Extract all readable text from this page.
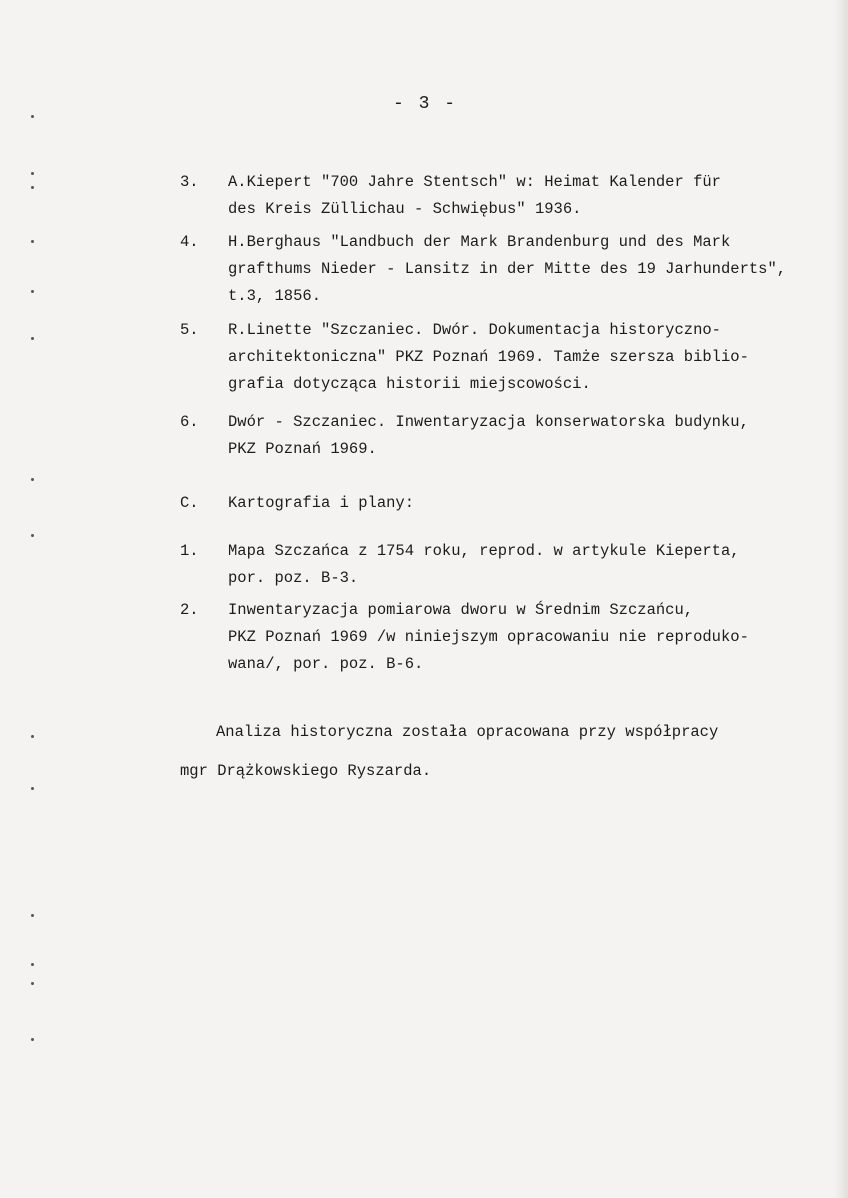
- 3 -
3.	A.Kiepert "700 Jahre Stentsch" w: Heimat Kalender für
des Kreis Züllichau - Schwiębus" 1936.
4.	H.Berghaus "Landbuch der Mark Brandenburg und des Mark
grafthums Nieder - Lansitz in der Mitte des 19 Jarhunderts",
t.3, 1856.
5.	R.Linette "Szczaniec. Dwór. Dokumentacja historyczno-
architektoniczna" PKZ Poznań 1969. Tamże szersza biblio-
grafia dotycząca historii miejscowości.
6.	Dwór - Szczaniec. Inwentaryzacja konserwatorska budynku,
PKZ Poznań 1969.
C. Kartografia i plany:
1.	Mapa Szczańca z 1754 roku, reprod. w artykule Kieperta,
por. poz. B-3.
2.	Inwentaryzacja pomiarowa dworu w Średnim Szczańcu,
PKZ Poznań 1969 /w niniejszym opracowaniu nie reproduko-
wana/, por. poz. B-6.
Analiza historyczna została opracowana przy współpracy
mgr Drążkowskiego Ryszarda.
